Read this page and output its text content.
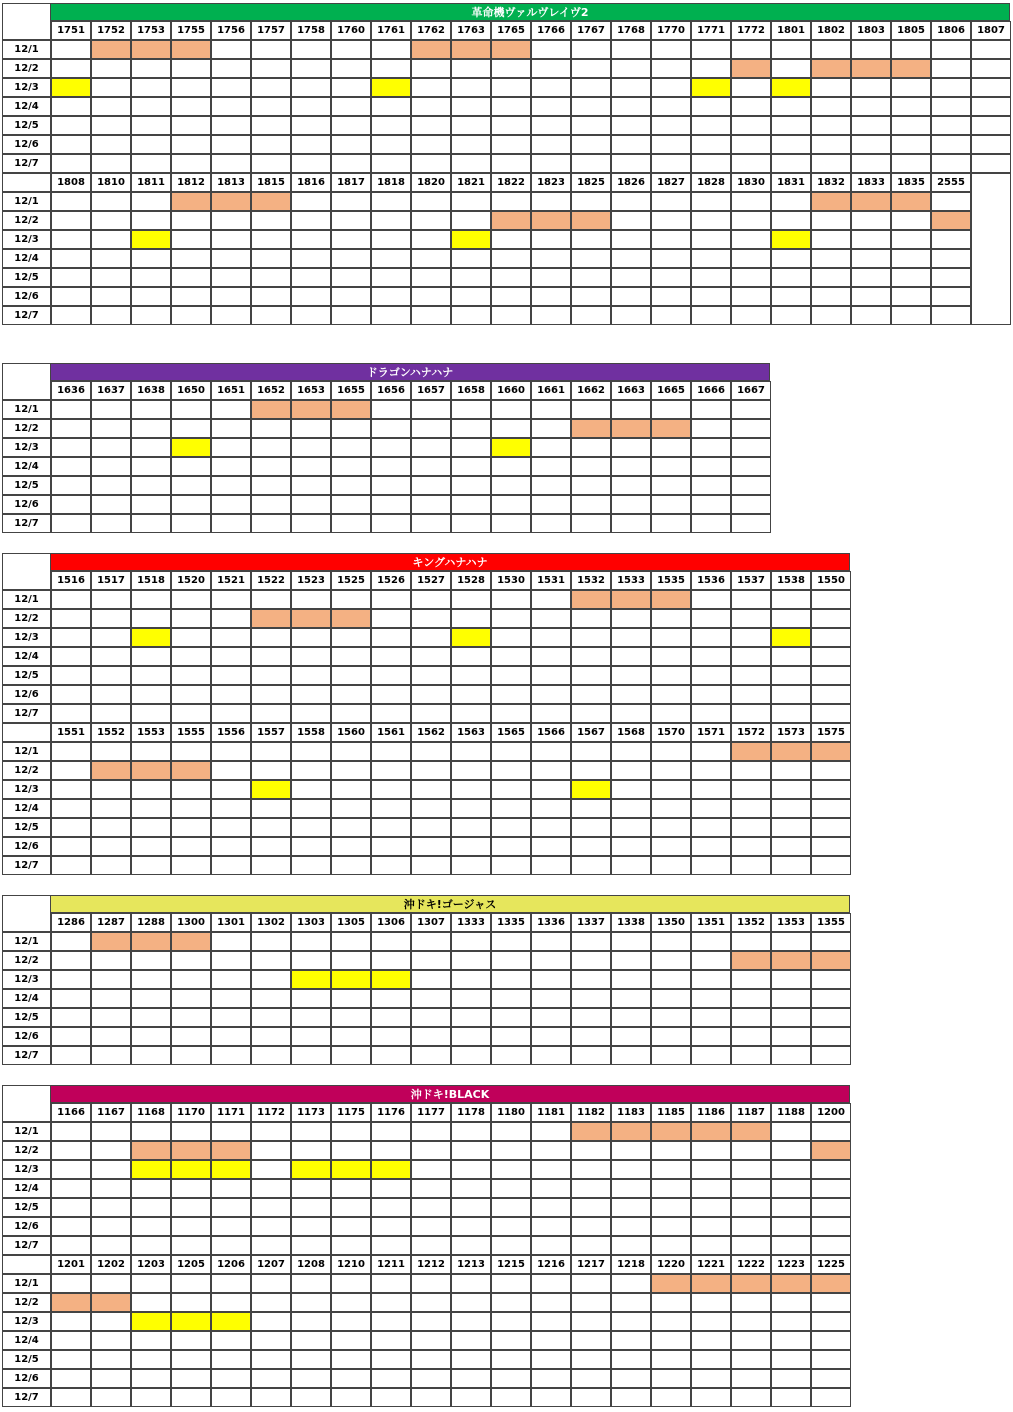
革命機ヴァルヴレイヴ2
1751	1752	1753	1755	1756	1757	1758	1760	1761	1762	1763	1765	1766	1767	1768	1770	1771	1772	1801	1802	1803	1805	1806	1807
12/1
12/2
12/3
12/4
12/5
12/6
12/7
1808	1810	1811	1812	1813	1815	1816	1817	1818	1820	1821	1822	1823	1825	1826	1827	1828	1830	1831	1832	1833	1835	2555
12/1
12/2
12/3
12/4
12/5
12/6
12/7
ドラゴンハナハナ
1636	1637	1638	1650	1651	1652	1653	1655	1656	1657	1658	1660	1661	1662	1663	1665	1666	1667
12/1
12/2
12/3
12/4
12/5
12/6
12/7
キングハナハナ
1516	1517	1518	1520	1521	1522	1523	1525	1526	1527	1528	1530	1531	1532	1533	1535	1536	1537	1538	1550
12/1
12/2
12/3
12/4
12/5
12/6
12/7
1551	1552	1553	1555	1556	1557	1558	1560	1561	1562	1563	1565	1566	1567	1568	1570	1571	1572	1573	1575
12/1
12/2
12/3
12/4
12/5
12/6
12/7
沖ドキ!ゴージャス
1286	1287	1288	1300	1301	1302	1303	1305	1306	1307	1333	1335	1336	1337	1338	1350	1351	1352	1353	1355
12/1
12/2
12/3
12/4
12/5
12/6
12/7
沖ドキ!BLACK
1166	1167	1168	1170	1171	1172	1173	1175	1176	1177	1178	1180	1181	1182	1183	1185	1186	1187	1188	1200
12/1
12/2
12/3
12/4
12/5
12/6
12/7
1201	1202	1203	1205	1206	1207	1208	1210	1211	1212	1213	1215	1216	1217	1218	1220	1221	1222	1223	1225
12/1
12/2
12/3
12/4
12/5
12/6
12/7
